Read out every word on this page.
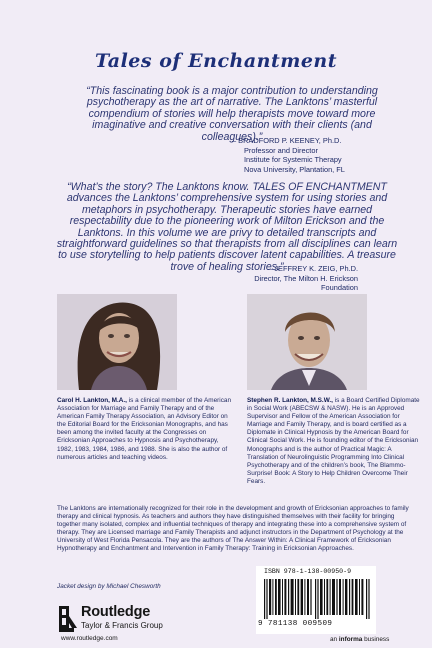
Tales of Enchantment
“This fascinating book is a major contribution to understanding psychotherapy as the art of narrative. The Lanktons’ masterful compendium of stories will help therapists move toward more imaginative and creative conversation with their clients (and colleagues).”
– BRADFORD P. KEENEY, Ph.D.
Professor and Director
Institute for Systemic Therapy
Nova University, Plantation, FL
“What’s the story? The Lanktons know. TALES OF ENCHANTMENT advances the Lanktons’ comprehensive system for using stories and metaphors in psychotherapy. Therapeutic stories have earned respectability due to the pioneering work of Milton Erickson and the Lanktons. In this volume we are privy to detailed transcripts and straightforward guidelines so that therapists from all disciplines can learn to use storytelling to help patients discover latent capabilities. A treasure trove of healing stories.”
– JEFFREY K. ZEIG, Ph.D.
Director, The Milton H. Erickson Foundation
Carol H. Lankton, M.A., is a clinical member of the American Association for Marriage and Family Therapy and of the American Family Therapy Association, an Advisory Editor on the Editorial Board for the Ericksonian Monographs, and has been among the invited faculty at the Congresses on Ericksonian Approaches to Hypnosis and Psychotherapy, 1982, 1983, 1984, 1986, and 1988. She is also the author of numerous articles and teaching videos.
Stephen R. Lankton, M.S.W., is a Board Certified Diplomate in Social Work (ABECSW & NASW). He is an Approved Supervisor and Fellow of the American Association for Marriage and Family Therapy, and is board certified as a Diplomate in Clinical Hypnosis by the American Board for Clinical Social Work. He is founding editor of the Ericksonian Monographs and is the author of Practical Magic: A Translation of Neurolinguistic Programming Into Clinical Psychotherapy and of the children’s book, The Blammo-Surprise! Book: A Story to Help Children Overcome Their Fears.
The Lanktons are internationally recognized for their role in the development and growth of Ericksonian approaches to family therapy and clinical hypnosis. As teachers and authors they have distinguished themselves with their facility for bringing together many isolated, complex and influential techniques of therapy and integrating these into a comprehensive system of therapy. They are Licensed marriage and Family Therapists and adjunct instructors in the Department of Psychology at the University of West Florida Pensacola. They are the authors of The Answer Within: A Clinical Framework of Ericksonian Hypnotherapy and Enchantment and Intervention in Family Therapy: Training in Ericksonian Approaches.
Jacket design by Michael Chesworth
Routledge
Taylor & Francis Group
www.routledge.com
ISBN 978-1-138-00950-9
9 781138 009509
an informa business
